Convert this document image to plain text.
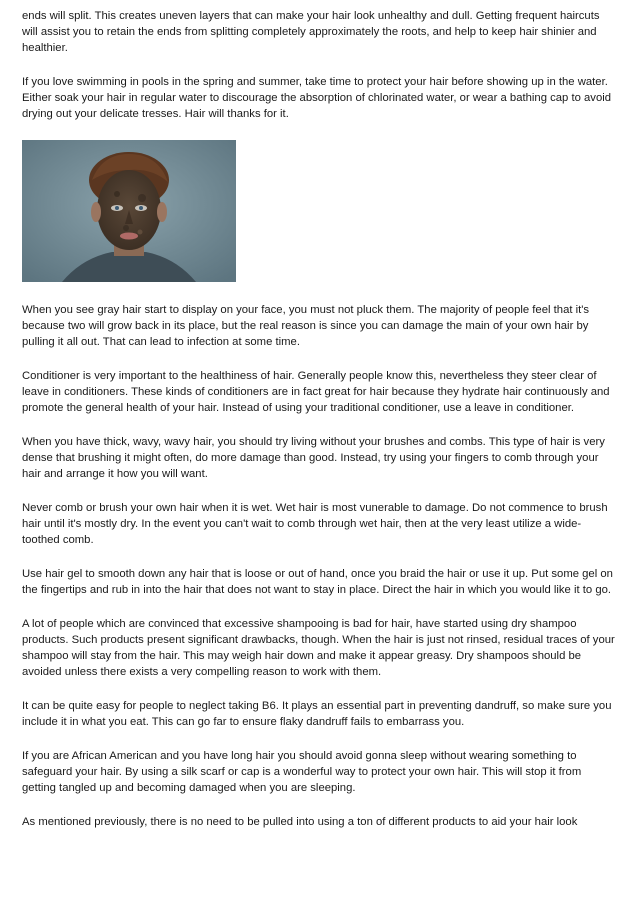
ends will split. This creates uneven layers that can make your hair look unhealthy and dull. Getting frequent haircuts will assist you to retain the ends from splitting completely approximately the roots, and help to keep hair shinier and healthier.

If you love swimming in pools in the spring and summer, take time to protect your hair before showing up in the water. Either soak your hair in regular water to discourage the absorption of chlorinated water, or wear a bathing cap to avoid drying out your delicate tresses. Hair will thanks for it.

When you see gray hair start to display on your face, you must not pluck them. The majority of people feel that it's because two will grow back in its place, but the real reason is since you can damage the main of your own hair by pulling it all out. That can lead to infection at some time.

Conditioner is very important to the healthiness of hair. Generally people know this, nevertheless they steer clear of leave in conditioners. These kinds of conditioners are in fact great for hair because they hydrate hair continuously and promote the general health of your hair. Instead of using your traditional conditioner, use a leave in conditioner.

When you have thick, wavy, wavy hair, you should try living without your brushes and combs. This type of hair is very dense that brushing it might often, do more damage than good. Instead, try using your fingers to comb through your hair and arrange it how you will want.

Never comb or brush your own hair when it is wet. Wet hair is most vunerable to damage. Do not commence to brush hair until it's mostly dry. In the event you can't wait to comb through wet hair, then at the very least utilize a wide-toothed comb.

Use hair gel to smooth down any hair that is loose or out of hand, once you braid the hair or use it up. Put some gel on the fingertips and rub in into the hair that does not want to stay in place. Direct the hair in which you would like it to go.

A lot of people which are convinced that excessive shampooing is bad for hair, have started using dry shampoo products. Such products present significant drawbacks, though. When the hair is just not rinsed, residual traces of your shampoo will stay from the hair. This may weigh hair down and make it appear greasy. Dry shampoos should be avoided unless there exists a very compelling reason to work with them.

It can be quite easy for people to neglect taking B6. It plays an essential part in preventing dandruff, so make sure you include it in what you eat. This can go far to ensure flaky dandruff fails to embarrass you.

If you are African American and you have long hair you should avoid gonna sleep without wearing something to safeguard your hair. By using a silk scarf or cap is a wonderful way to protect your own hair. This will stop it from getting tangled up and becoming damaged when you are sleeping.

As mentioned previously, there is no need to be pulled into using a ton of different products to aid your hair look
